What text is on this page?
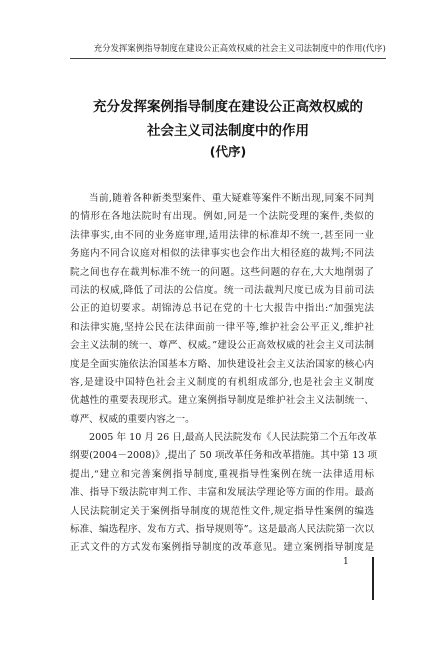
充分发挥案例指导制度在建设公正高效权威的社会主义司法制度中的作用(代序)
充分发挥案例指导制度在建设公正高效权威的
社会主义司法制度中的作用
(代序)
当前,随着各种新类型案件、重大疑难等案件不断出现,同案不同判
的情形在各地法院时有出现。例如,同是一个法院受理的案件,类似的
法律事实,由不同的业务庭审理,适用法律的标准却不统一,甚至同一业
务庭内不同合议庭对相似的法律事实也会作出大相径庭的裁判;不同法
院之间也存在裁判标准不统一的问题。这些问题的存在,大大地削弱了
司法的权威,降低了司法的公信度。统一司法裁判尺度已成为目前司法
公正的迫切要求。胡锦涛总书记在党的十七大报告中指出:“加强宪法
和法律实施,坚持公民在法律面前一律平等,维护社会公平正义,维护社
会主义法制的统一、尊严、权威。”建设公正高效权威的社会主义司法制
度是全面实施依法治国基本方略、加快建设社会主义法治国家的核心内
容,是建设中国特色社会主义制度的有机组成部分,也是社会主义制度
优越性的重要表现形式。建立案例指导制度是维护社会主义法制统一、
尊严、权威的重要内容之一。
2005 年 10 月 26 日,最高人民法院发布《人民法院第二个五年改革
纲要(2004－2008)》,提出了 50 项改革任务和改革措施。其中第 13 项
提出,“建立和完善案例指导制度,重视指导性案例在统一法律适用标
准、指导下级法院审判工作、丰富和发展法学理论等方面的作用。最高
人民法院制定关于案例指导制度的规范性文件,规定指导性案例的编选
标准、编选程序、发布方式、指导规则等”。这是最高人民法院第一次以
正式文件的方式发布案例指导制度的改革意见。建立案例指导制度是
1
